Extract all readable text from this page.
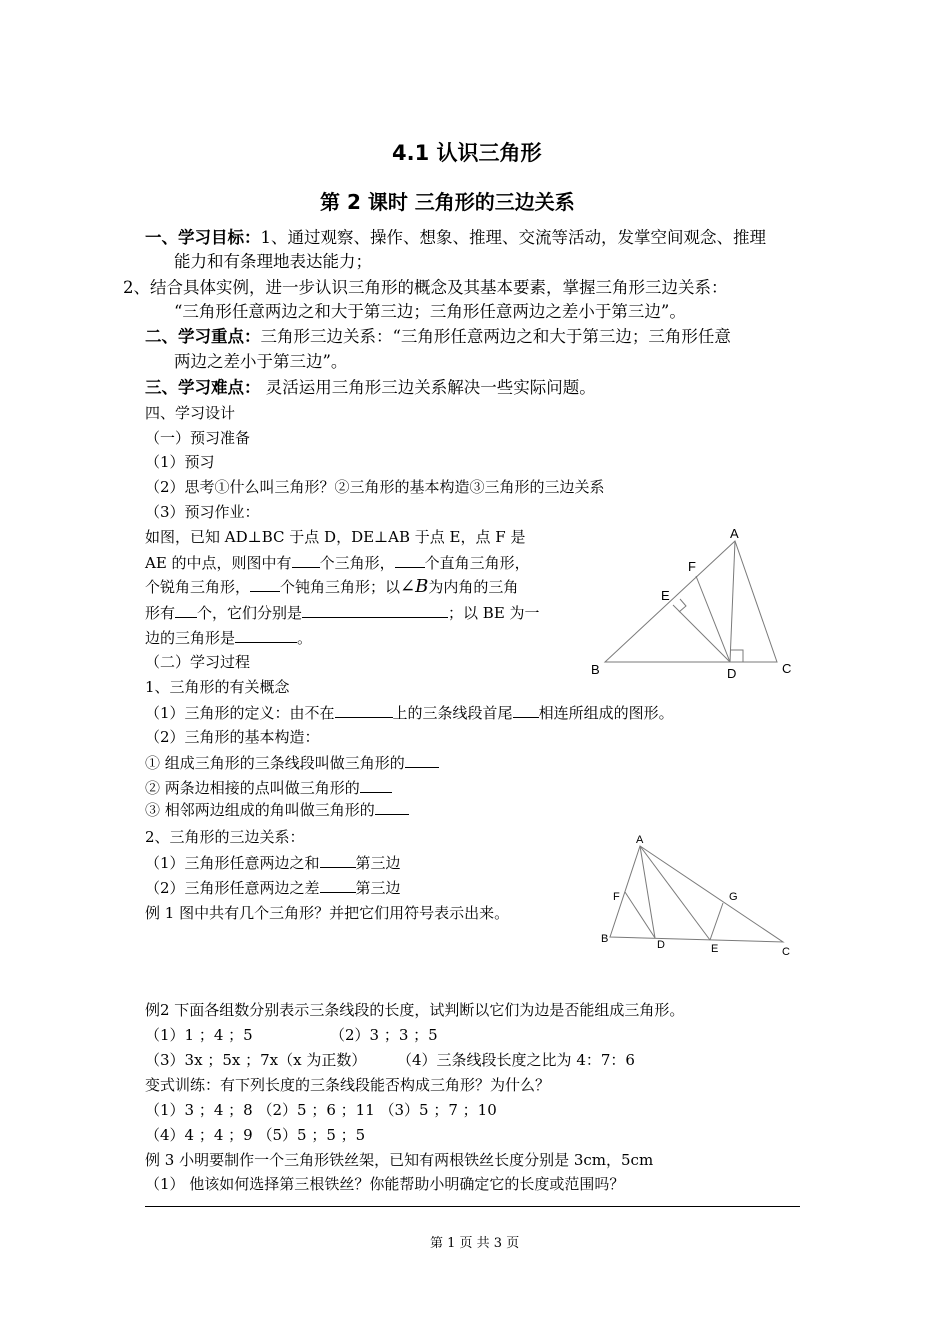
4.1 认识三角形
第 2 课时 三角形的三边关系
一、学习目标：1、通过观察、操作、想象、推理、交流等活动，发掌空间观念、推理
能力和有条理地表达能力；
2、结合具体实例，进一步认识三角形的概念及其基本要素，掌握三角形三边关系：
“三角形任意两边之和大于第三边；三角形任意两边之差小于第三边”。
二、学习重点：三角形三边关系：“三角形任意两边之和大于第三边；三角形任意
两边之差小于第三边”。
三、学习难点： 灵活运用三角形三边关系解决一些实际问题。
四、学习设计
（一）预习准备
（1）预习
（2）思考①什么叫三角形？②三角形的基本构造③三角形的三边关系
（3）预习作业：
如图，已知 AD⊥BC 于点 D，DE⊥AB 于点 E，点 F 是
AE 的中点，则图中有 个三角形， 个直角三角形，
个锐角三角形， 个钝角三角形；以∠B为内角的三角
形有 个，它们分别是	；以 BE 为一
边的三角形是	。
A
B	C
D
E
F
（二）学习过程
1、三角形的有关概念
（1）三角形的定义：由不在	上的三条线段首尾 相连所组成的图形。
（2）三角形的基本构造：
① 组成三角形的三条线段叫做三角形的
② 两条边相接的点叫做三角形的
③ 相邻两边组成的角叫做三角形的
2、三角形的三边关系：
（1）三角形任意两边之和 第三边
（2）三角形任意两边之差 第三边
例 1 图中共有几个三角形？并把它们用符号表示出来。
A
B
C
D	E
F	G
例2 下面各组数分别表示三条线段的长度，试判断以它们为边是否能组成三角形。
（1）1 ；4 ；5	（2）3 ；3 ；5
（3）3x ；5x ；7x（x 为正数） （4）三条线段长度之比为 4：7：6
变式训练：有下列长度的三条线段能否构成三角形？为什么？
（1）3 ；4 ；8 （2）5 ；6 ；11 （3）5 ；7 ；10
（4）4 ；4 ；9 （5）5 ；5 ；5
例 3 小明要制作一个三角形铁丝架，已知有两根铁丝长度分别是 3cm，5cm
（1） 他该如何选择第三根铁丝？你能帮助小明确定它的长度或范围吗？
第 1 页 共 3 页
